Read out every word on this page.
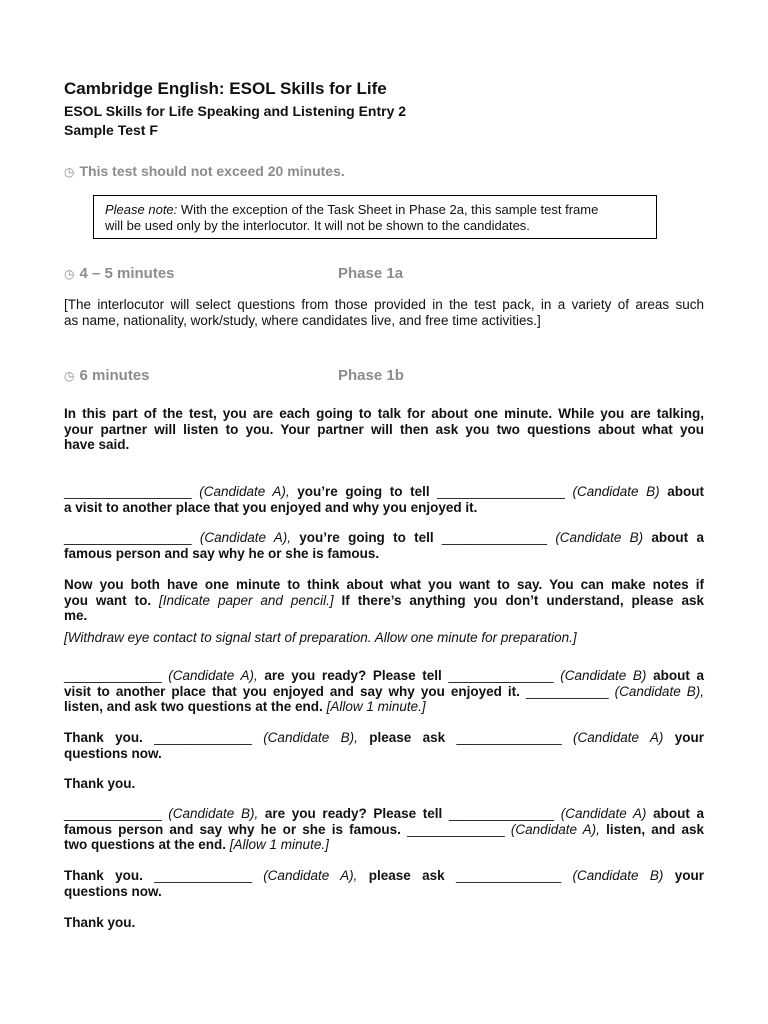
Cambridge English: ESOL Skills for Life
ESOL Skills for Life Speaking and Listening Entry 2
Sample Test F
◷ This test should not exceed 20 minutes.
Please note: With the exception of the Task Sheet in Phase 2a, this sample test frame
will be used only by the interlocutor. It will not be shown to the candidates.
◷ 4 – 5 minutes	Phase 1a
[The interlocutor will select questions from those provided in the test pack, in a variety of areas such
as name, nationality, work/study, where candidates live, and free time activities.]
◷ 6 minutes	Phase 1b
In this part of the test, you are each going to talk for about one minute. While you are talking,
your partner will listen to you. Your partner will then ask you two questions about what you
have said.
_________________ (Candidate A), you’re going to tell _________________ (Candidate B) about
a visit to another place that you enjoyed and why you enjoyed it.
_________________ (Candidate A), you’re going to tell ______________ (Candidate B) about a
famous person and say why he or she is famous.
Now you both have one minute to think about what you want to say. You can make notes if
you want to. [Indicate paper and pencil.] If there’s anything you don’t understand, please ask
me.
[Withdraw eye contact to signal start of preparation. Allow one minute for preparation.]
_____________ (Candidate A), are you ready? Please tell ______________ (Candidate B) about a
visit to another place that you enjoyed and say why you enjoyed it. ___________ (Candidate B),
listen, and ask two questions at the end. [Allow 1 minute.]
Thank you. _____________ (Candidate B), please ask ______________ (Candidate A) your
questions now.
Thank you.
_____________ (Candidate B), are you ready? Please tell ______________ (Candidate A) about a
famous person and say why he or she is famous. _____________ (Candidate A), listen, and ask
two questions at the end. [Allow 1 minute.]
Thank you. _____________ (Candidate A), please ask ______________ (Candidate B) your
questions now.
Thank you.
